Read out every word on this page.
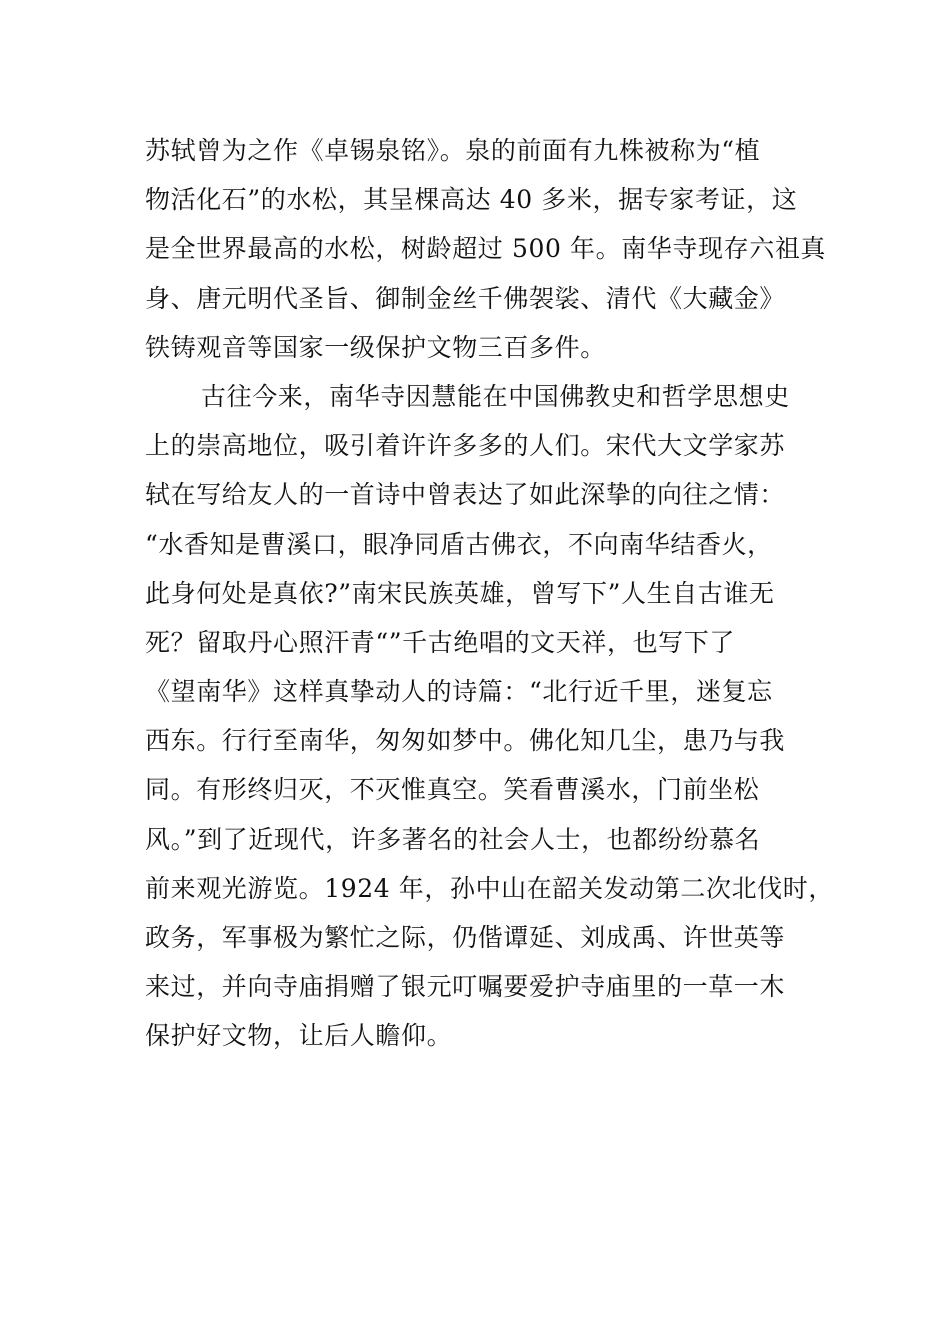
苏轼曾为之作《卓锡泉铭》。泉的前面有九株被称为“植
物活化石”的水松，其呈棵高达 40 多米，据专家考证，这
是全世界最高的水松，树龄超过 500 年。南华寺现存六祖真
身、唐元明代圣旨、御制金丝千佛袈裟、清代《大藏金》
铁铸观音等国家一级保护文物三百多件。
古往今来，南华寺因慧能在中国佛教史和哲学思想史
上的崇高地位，吸引着许许多多的人们。宋代大文学家苏
轼在写给友人的一首诗中曾表达了如此深挚的向往之情：
“水香知是曹溪口，眼净同盾古佛衣，不向南华结香火，
此身何处是真依?”南宋民族英雄，曾写下”人生自古谁无
死？留取丹心照汗青“”千古绝唱的文天祥，也写下了
《望南华》这样真挚动人的诗篇：“北行近千里，迷复忘
西东。行行至南华，匆匆如梦中。佛化知几尘，患乃与我
同。有形终归灭，不灭惟真空。笑看曹溪水，门前坐松
风。”到了近现代，许多著名的社会人士，也都纷纷慕名
前来观光游览。1924 年，孙中山在韶关发动第二次北伐时，
政务，军事极为繁忙之际，仍偕谭延、刘成禹、许世英等
来过，并向寺庙捐赠了银元叮嘱要爱护寺庙里的一草一木
保护好文物，让后人瞻仰。
